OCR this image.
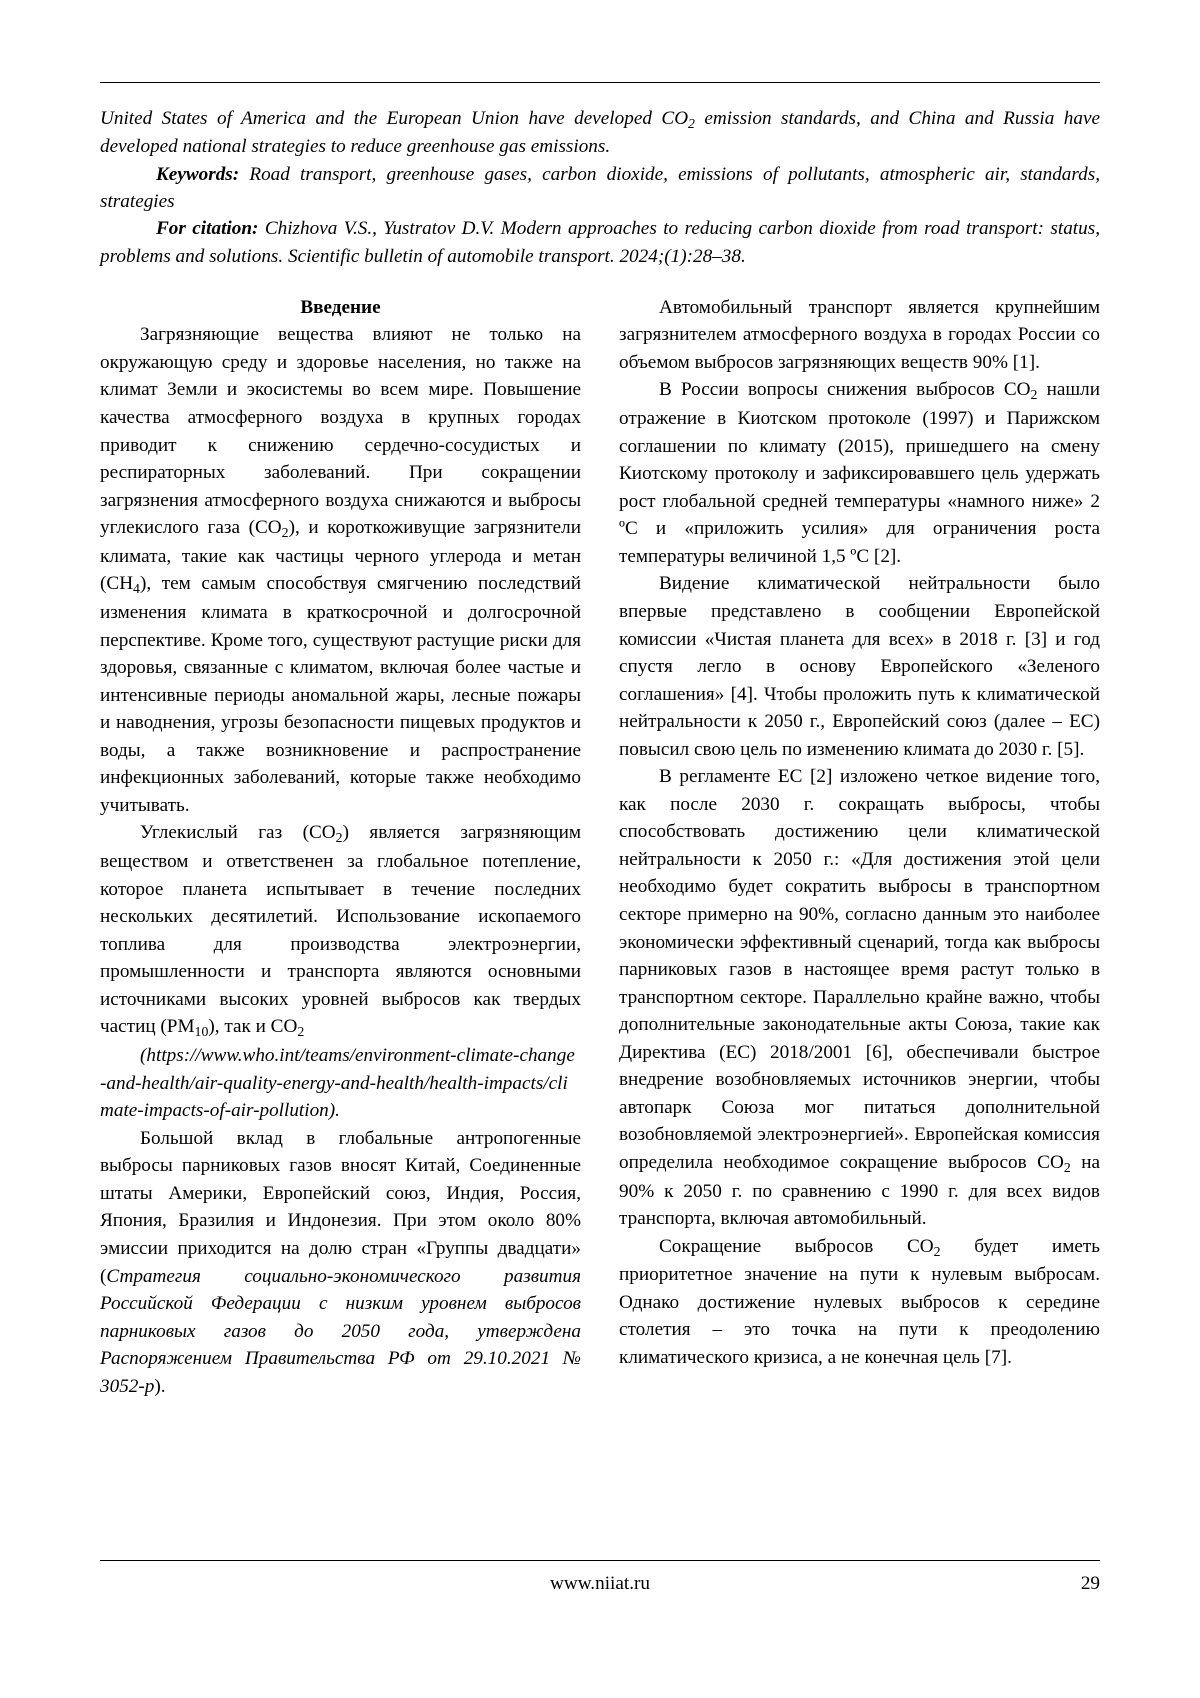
United States of America and the European Union have developed $CO_2$ emission standards, and China and Russia have developed national strategies to reduce greenhouse gas emissions.

Keywords: Road transport, greenhouse gases, carbon dioxide, emissions of pollutants, atmospheric air, standards, strategies

For citation: Chizhova V.S., Yustratov D.V. Modern approaches to reducing carbon dioxide from road transport: status, problems and solutions. Scientific bulletin of automobile transport. 2024;(1):28–38.

Введение

Загрязняющие вещества влияют не только на окружающую среду и здоровье населения, но также на климат Земли и экосистемы во всем мире. Повышение качества атмосферного воздуха в крупных городах приводит к снижению сердечно-сосудистых и респираторных заболеваний. При сокращении загрязнения атмосферного воздуха снижаются и выбросы углекислого газа $(CO_2)$, и короткоживущие загрязнители климата, такие как частицы черного углерода и метан $(CH_4)$, тем самым способствуя смягчению последствий изменения климата в краткосрочной и долгосрочной перспективе. Кроме того, существуют растущие риски для здоровья, связанные с климатом, включая более частые и интенсивные периоды аномальной жары, лесные пожары и наводнения, угрозы безопасности пищевых продуктов и воды, а также возникновение и распространение инфекционных заболеваний, которые также необходимо учитывать.

Углекислый газ $(CO_2)$ является загрязняющим веществом и ответственен за глобальное потепление, которое планета испытывает в течение последних нескольких десятилетий. Использование ископаемого топлива для производства электроэнергии, промышленности и транспорта являются основными источниками высоких уровней выбросов как твердых частиц $(PM_{10})$, так и $CO_2$

(https://www.who.int/teams/environment-climate-change-and-health/air-quality-energy-and-health/health-impacts/climate-impacts-of-air-pollution).

Большой вклад в глобальные антропогенные выбросы парниковых газов вносят Китай, Соединенные штаты Америки, Европейский союз, Индия, Россия, Япония, Бразилия и Индонезия. При этом около 80% эмиссии приходится на долю стран «Группы двадцати» (Стратегия социально-экономического развития Российской Федерации с низким уровнем выбросов парниковых газов до 2050 года, утверждена Распоряжением Правительства РФ от 29.10.2021 № 3052-р).

Автомобильный транспорт является крупнейшим загрязнителем атмосферного воздуха в городах России со объемом выбросов загрязняющих веществ 90% [1].

В России вопросы снижения выбросов $CO_2$ нашли отражение в Киотском протоколе (1997) и Парижском соглашении по климату (2015), пришедшего на смену Киотскому протоколу и зафиксировавшего цель удержать рост глобальной средней температуры «намного ниже» 2 ºС и «приложить усилия» для ограничения роста температуры величиной 1,5 ºС [2].

Видение климатической нейтральности было впервые представлено в сообщении Европейской комиссии «Чистая планета для всех» в 2018 г. [3] и год спустя легло в основу Европейского «Зеленого соглашения» [4]. Чтобы проложить путь к климатической нейтральности к 2050 г., Европейский союз (далее – ЕС) повысил свою цель по изменению климата до 2030 г. [5].

В регламенте ЕС [2] изложено четкое видение того, как после 2030 г. сокращать выбросы, чтобы способствовать достижению цели климатической нейтральности к 2050 г.: «Для достижения этой цели необходимо будет сократить выбросы в транспортном секторе примерно на 90%, согласно данным это наиболее экономически эффективный сценарий, тогда как выбросы парниковых газов в настоящее время растут только в транспортном секторе. Параллельно крайне важно, чтобы дополнительные законодательные акты Союза, такие как Директива (ЕС) 2018/2001 [6], обеспечивали быстрое внедрение возобновляемых источников энергии, чтобы автопарк Союза мог питаться дополнительной возобновляемой электроэнергией». Европейская комиссия определила необходимое сокращение выбросов $CO_2$ на 90% к 2050 г. по сравнению с 1990 г. для всех видов транспорта, включая автомобильный.

Сокращение выбросов $CO_2$ будет иметь приоритетное значение на пути к нулевым выбросам. Однако достижение нулевых выбросов к середине столетия – это точка на пути к преодолению климатического кризиса, а не конечная цель [7].

www.niiat.ru	29
